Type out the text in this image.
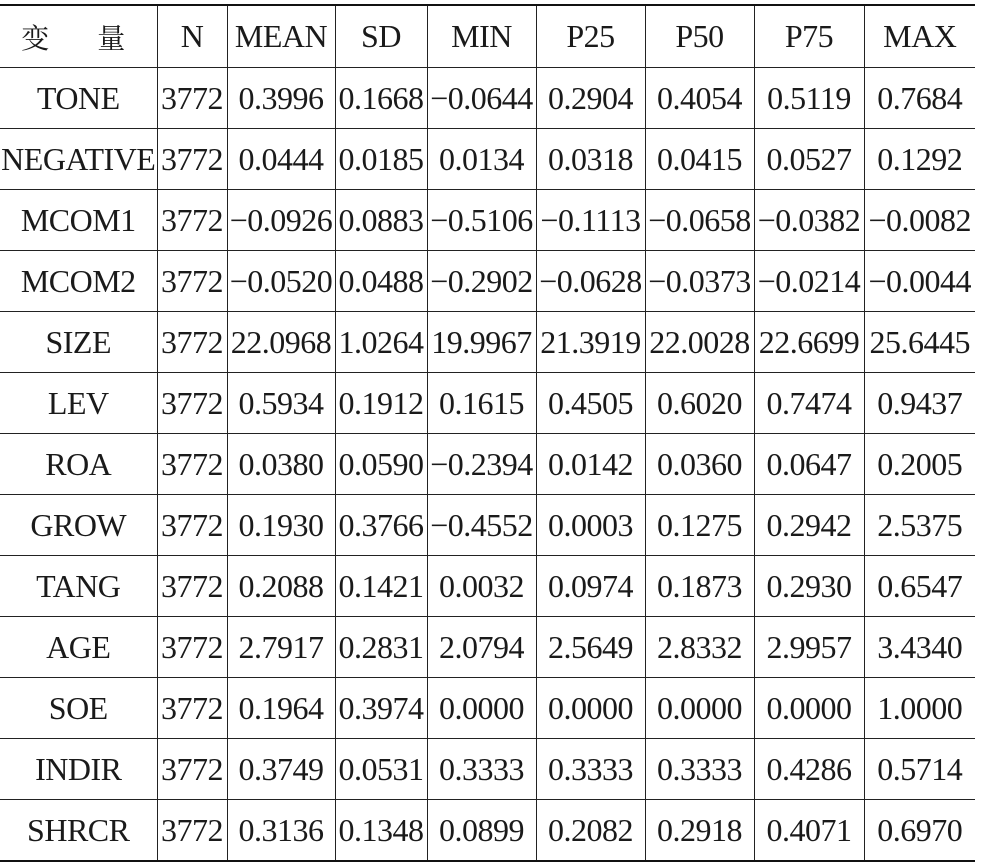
变　量	N	MEAN	SD	MIN	P25	P50	P75	MAX
TONE	3772	0.3996	0.1668	−0.0644	0.2904	0.4054	0.5119	0.7684
NEGATIVE	3772	0.0444	0.0185	0.0134	0.0318	0.0415	0.0527	0.1292
MCOM1	3772	−0.0926	0.0883	−0.5106	−0.1113	−0.0658	−0.0382	−0.0082
MCOM2	3772	−0.0520	0.0488	−0.2902	−0.0628	−0.0373	−0.0214	−0.0044
SIZE	3772	22.0968	1.0264	19.9967	21.3919	22.0028	22.6699	25.6445
LEV	3772	0.5934	0.1912	0.1615	0.4505	0.6020	0.7474	0.9437
ROA	3772	0.0380	0.0590	−0.2394	0.0142	0.0360	0.0647	0.2005
GROW	3772	0.1930	0.3766	−0.4552	0.0003	0.1275	0.2942	2.5375
TANG	3772	0.2088	0.1421	0.0032	0.0974	0.1873	0.2930	0.6547
AGE	3772	2.7917	0.2831	2.0794	2.5649	2.8332	2.9957	3.4340
SOE	3772	0.1964	0.3974	0.0000	0.0000	0.0000	0.0000	1.0000
INDIR	3772	0.3749	0.0531	0.3333	0.3333	0.3333	0.4286	0.5714
SHRCR	3772	0.3136	0.1348	0.0899	0.2082	0.2918	0.4071	0.6970
